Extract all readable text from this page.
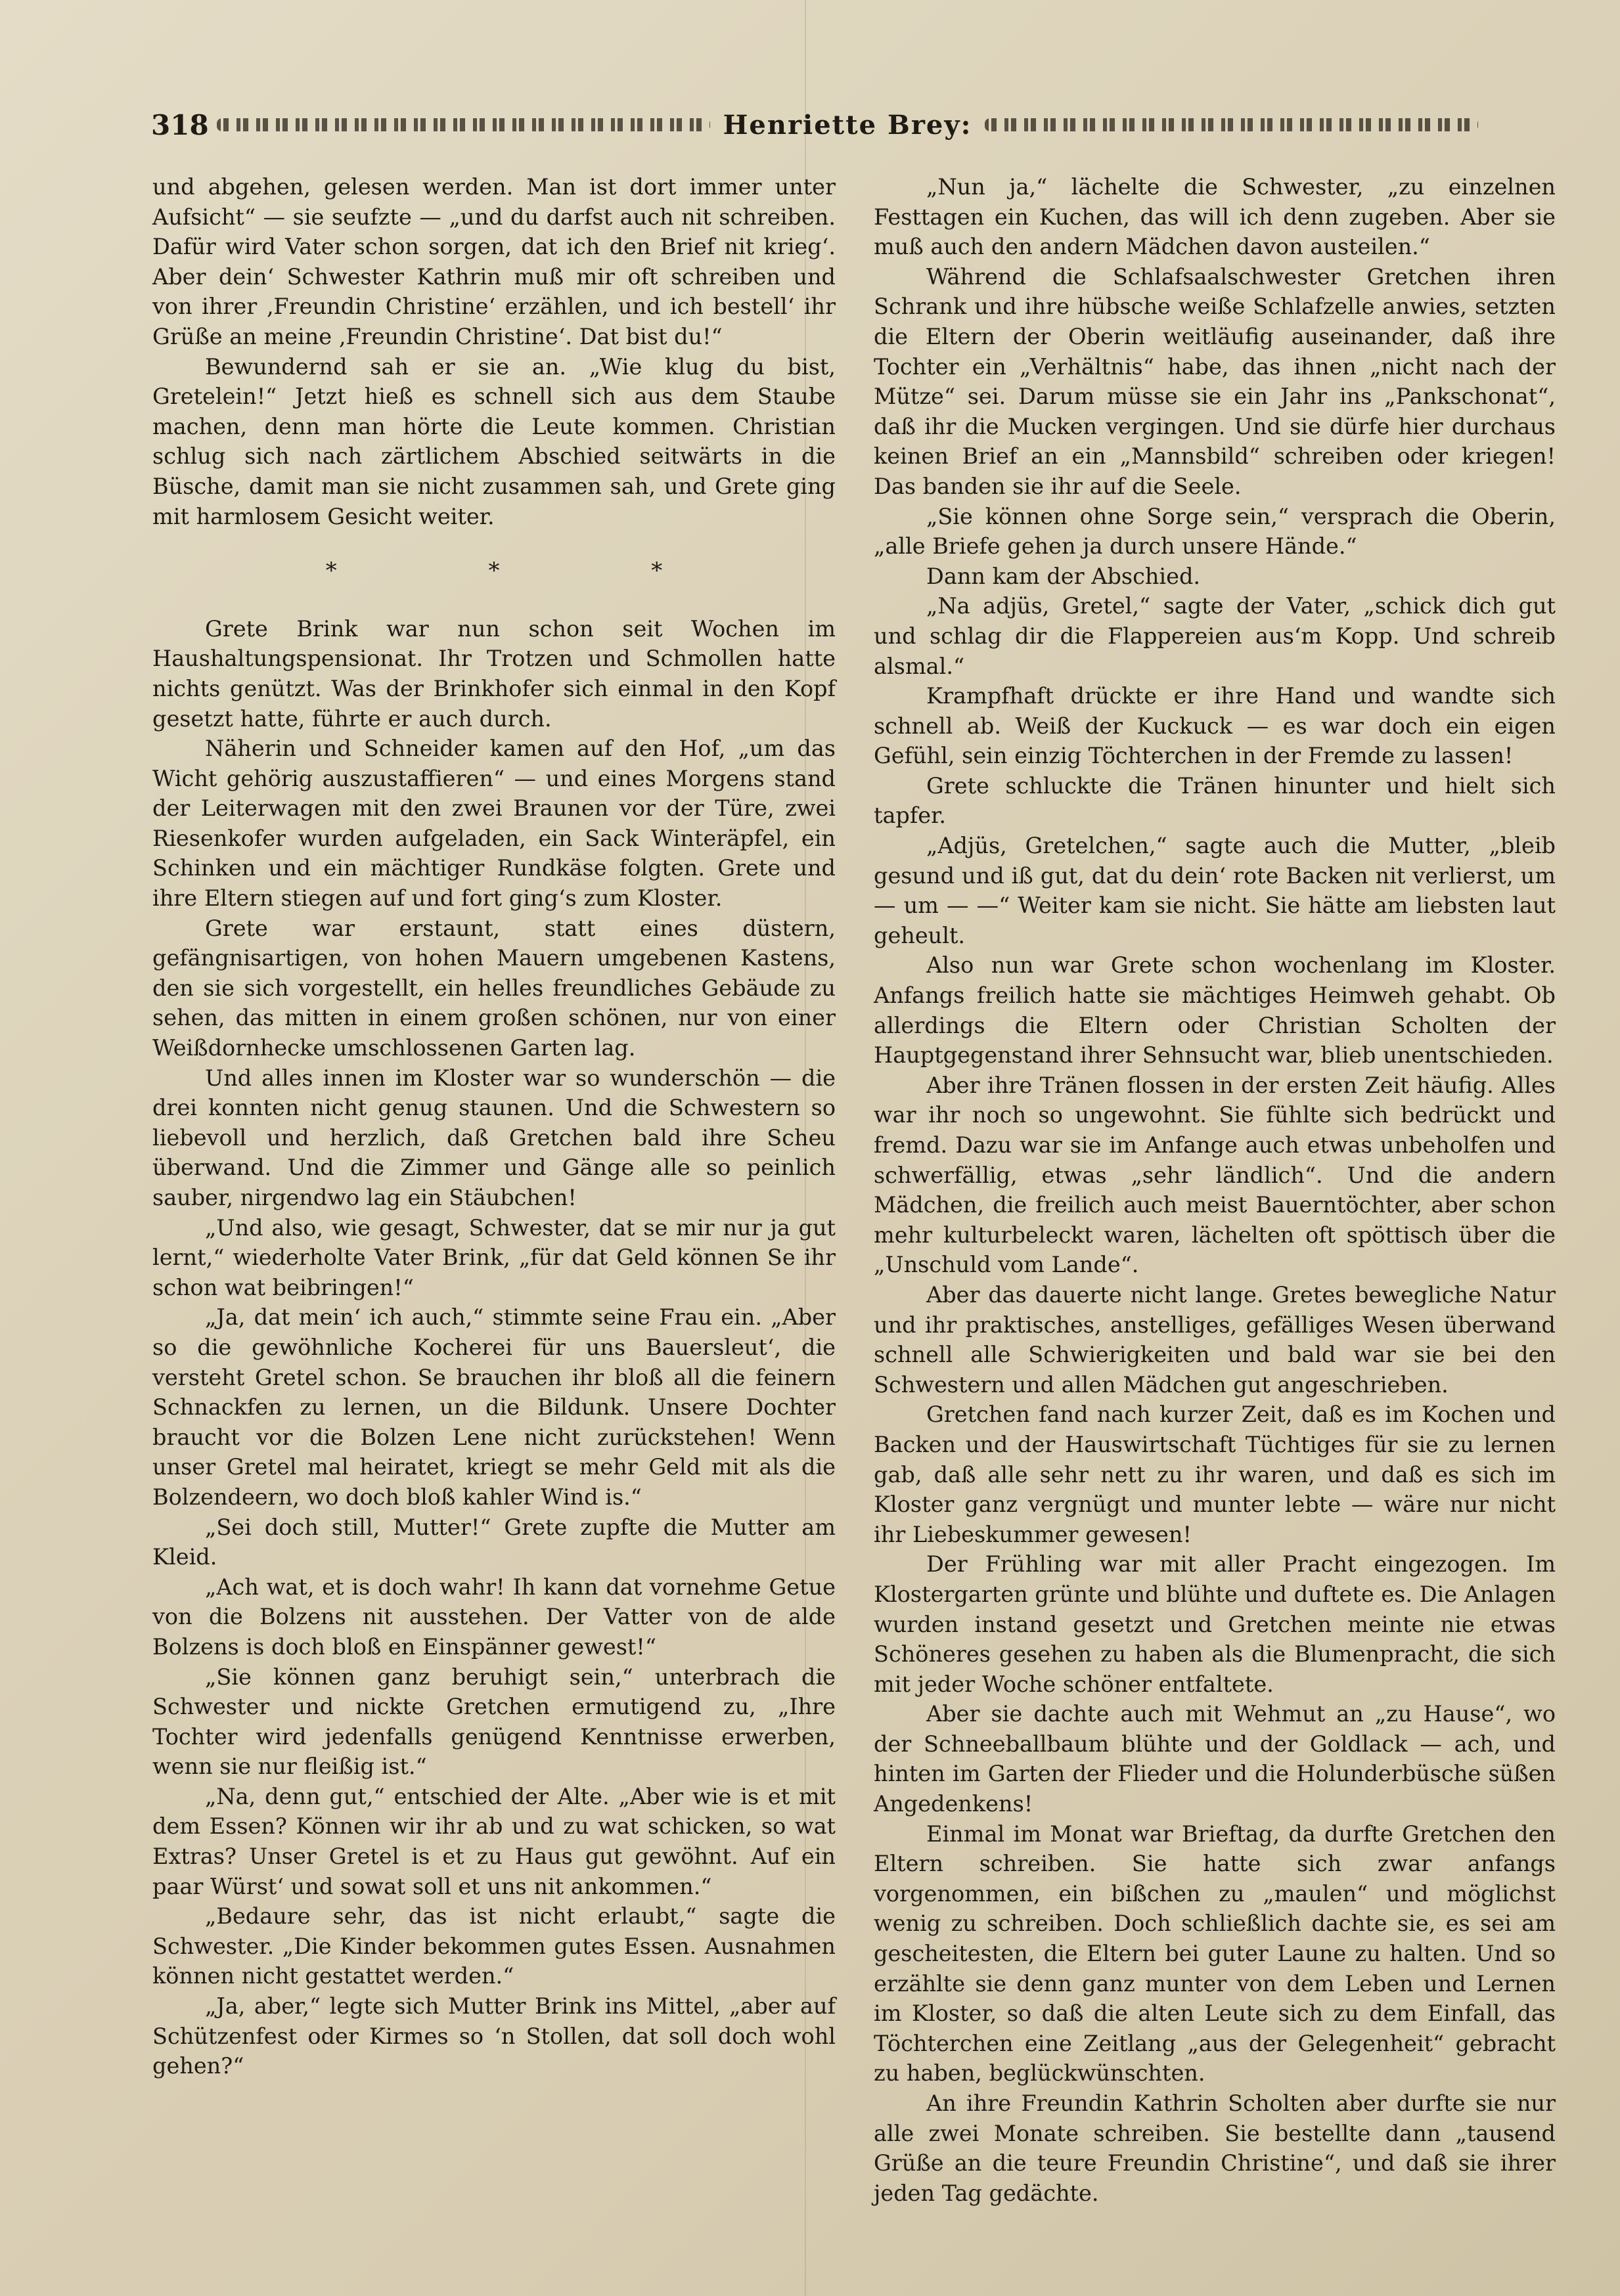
318	Henriette Brey:

und abgehen, gelesen werden. Man ist dort immer unter Aufsicht“ — sie seufzte — „und du darfst auch nit schreiben. Dafür wird Vater schon sorgen, dat ich den Brief nit krieg‘. Aber dein‘ Schwester Kathrin muß mir oft schreiben und von ihrer ‚Freundin Christine‘ erzählen, und ich bestell‘ ihr Grüße an meine ‚Freundin Christine‘. Dat bist du!“

Bewundernd sah er sie an. „Wie klug du bist, Gretelein!“ Jetzt hieß es schnell sich aus dem Staube machen, denn man hörte die Leute kommen. Christian schlug sich nach zärtlichem Abschied seitwärts in die Büsche, damit man sie nicht zusammen sah, und Grete ging mit harmlosem Gesicht weiter.

* * *

Grete Brink war nun schon seit Wochen im Haushaltungspensionat. Ihr Trotzen und Schmollen hatte nichts genützt. Was der Brinkhofer sich einmal in den Kopf gesetzt hatte, führte er auch durch.

Näherin und Schneider kamen auf den Hof, „um das Wicht gehörig auszustaffieren“ — und eines Morgens stand der Leiterwagen mit den zwei Braunen vor der Türe, zwei Riesenkofer wurden aufgeladen, ein Sack Winteräpfel, ein Schinken und ein mächtiger Rundkäse folgten. Grete und ihre Eltern stiegen auf und fort ging‘s zum Kloster.

Grete war erstaunt, statt eines düstern, gefängnisartigen, von hohen Mauern umgebenen Kastens, den sie sich vorgestellt, ein helles freundliches Gebäude zu sehen, das mitten in einem großen schönen, nur von einer Weißdornhecke umschlossenen Garten lag.

Und alles innen im Kloster war so wunderschön — die drei konnten nicht genug staunen. Und die Schwestern so liebevoll und herzlich, daß Gretchen bald ihre Scheu überwand. Und die Zimmer und Gänge alle so peinlich sauber, nirgendwo lag ein Stäubchen!

„Und also, wie gesagt, Schwester, dat se mir nur ja gut lernt,“ wiederholte Vater Brink, „für dat Geld können Se ihr schon wat beibringen!“

„Ja, dat mein‘ ich auch,“ stimmte seine Frau ein. „Aber so die gewöhnliche Kocherei für uns Bauersleut‘, die versteht Gretel schon. Se brauchen ihr bloß all die feinern Schnackfen zu lernen, un die Bildunk. Unsere Dochter braucht vor die Bolzen Lene nicht zurückstehen! Wenn unser Gretel mal heiratet, kriegt se mehr Geld mit als die Bolzendeern, wo doch bloß kahler Wind is.“

„Sei doch still, Mutter!“ Grete zupfte die Mutter am Kleid.

„Ach wat, et is doch wahr! Ih kann dat vornehme Getue von die Bolzens nit ausstehen. Der Vatter von de alde Bolzens is doch bloß en Einspänner gewest!“

„Sie können ganz beruhigt sein,“ unterbrach die Schwester und nickte Gretchen ermutigend zu, „Ihre Tochter wird jedenfalls genügend Kenntnisse erwerben, wenn sie nur fleißig ist.“

„Na, denn gut,“ entschied der Alte. „Aber wie is et mit dem Essen? Können wir ihr ab und zu wat schicken, so wat Extras? Unser Gretel is et zu Haus gut gewöhnt. Auf ein paar Würst‘ und sowat soll et uns nit ankommen.“

„Bedaure sehr, das ist nicht erlaubt,“ sagte die Schwester. „Die Kinder bekommen gutes Essen. Ausnahmen können nicht gestattet werden.“

„Ja, aber,“ legte sich Mutter Brink ins Mittel, „aber auf Schützenfest oder Kirmes so ‘n Stollen, dat soll doch wohl gehen?“

„Nun ja,“ lächelte die Schwester, „zu einzelnen Festtagen ein Kuchen, das will ich denn zugeben. Aber sie muß auch den andern Mädchen davon austeilen.“

Während die Schlafsaalschwester Gretchen ihren Schrank und ihre hübsche weiße Schlafzelle anwies, setzten die Eltern der Oberin weitläufig auseinander, daß ihre Tochter ein „Verhältnis“ habe, das ihnen „nicht nach der Mütze“ sei. Darum müsse sie ein Jahr ins „Pankschonat“, daß ihr die Mucken vergingen. Und sie dürfe hier durchaus keinen Brief an ein „Mannsbild“ schreiben oder kriegen! Das banden sie ihr auf die Seele.

„Sie können ohne Sorge sein,“ versprach die Oberin, „alle Briefe gehen ja durch unsere Hände.“

Dann kam der Abschied.

„Na adjüs, Gretel,“ sagte der Vater, „schick dich gut und schlag dir die Flappereien aus‘m Kopp. Und schreib alsmal.“

Krampfhaft drückte er ihre Hand und wandte sich schnell ab. Weiß der Kuckuck — es war doch ein eigen Gefühl, sein einzig Töchterchen in der Fremde zu lassen!

Grete schluckte die Tränen hinunter und hielt sich tapfer.

„Adjüs, Gretelchen,“ sagte auch die Mutter, „bleib gesund und iß gut, dat du dein‘ rote Backen nit verlierst, um — um — —“ Weiter kam sie nicht. Sie hätte am liebsten laut geheult.

Also nun war Grete schon wochenlang im Kloster. Anfangs freilich hatte sie mächtiges Heimweh gehabt. Ob allerdings die Eltern oder Christian Scholten der Hauptgegenstand ihrer Sehnsucht war, blieb unentschieden.

Aber ihre Tränen flossen in der ersten Zeit häufig. Alles war ihr noch so ungewohnt. Sie fühlte sich bedrückt und fremd. Dazu war sie im Anfange auch etwas unbeholfen und schwerfällig, etwas „sehr ländlich“. Und die andern Mädchen, die freilich auch meist Bauerntöchter, aber schon mehr kulturbeleckt waren, lächelten oft spöttisch über die „Unschuld vom Lande“.

Aber das dauerte nicht lange. Gretes bewegliche Natur und ihr praktisches, anstelliges, gefälliges Wesen überwand schnell alle Schwierigkeiten und bald war sie bei den Schwestern und allen Mädchen gut angeschrieben.

Gretchen fand nach kurzer Zeit, daß es im Kochen und Backen und der Hauswirtschaft Tüchtiges für sie zu lernen gab, daß alle sehr nett zu ihr waren, und daß es sich im Kloster ganz vergnügt und munter lebte — wäre nur nicht ihr Liebeskummer gewesen!

Der Frühling war mit aller Pracht eingezogen. Im Klostergarten grünte und blühte und duftete es. Die Anlagen wurden instand gesetzt und Gretchen meinte nie etwas Schöneres gesehen zu haben als die Blumenpracht, die sich mit jeder Woche schöner entfaltete.

Aber sie dachte auch mit Wehmut an „zu Hause“, wo der Schneeballbaum blühte und der Goldlack — ach, und hinten im Garten der Flieder und die Holunderbüsche süßen Angedenkens!

Einmal im Monat war Brieftag, da durfte Gretchen den Eltern schreiben. Sie hatte sich zwar anfangs vorgenommen, ein bißchen zu „maulen“ und möglichst wenig zu schreiben. Doch schließlich dachte sie, es sei am gescheitesten, die Eltern bei guter Laune zu halten. Und so erzählte sie denn ganz munter von dem Leben und Lernen im Kloster, so daß die alten Leute sich zu dem Einfall, das Töchterchen eine Zeitlang „aus der Gelegenheit“ gebracht zu haben, beglückwünschten.

An ihre Freundin Kathrin Scholten aber durfte sie nur alle zwei Monate schreiben. Sie bestellte dann „tausend Grüße an die teure Freundin Christine“, und daß sie ihrer jeden Tag gedächte.
